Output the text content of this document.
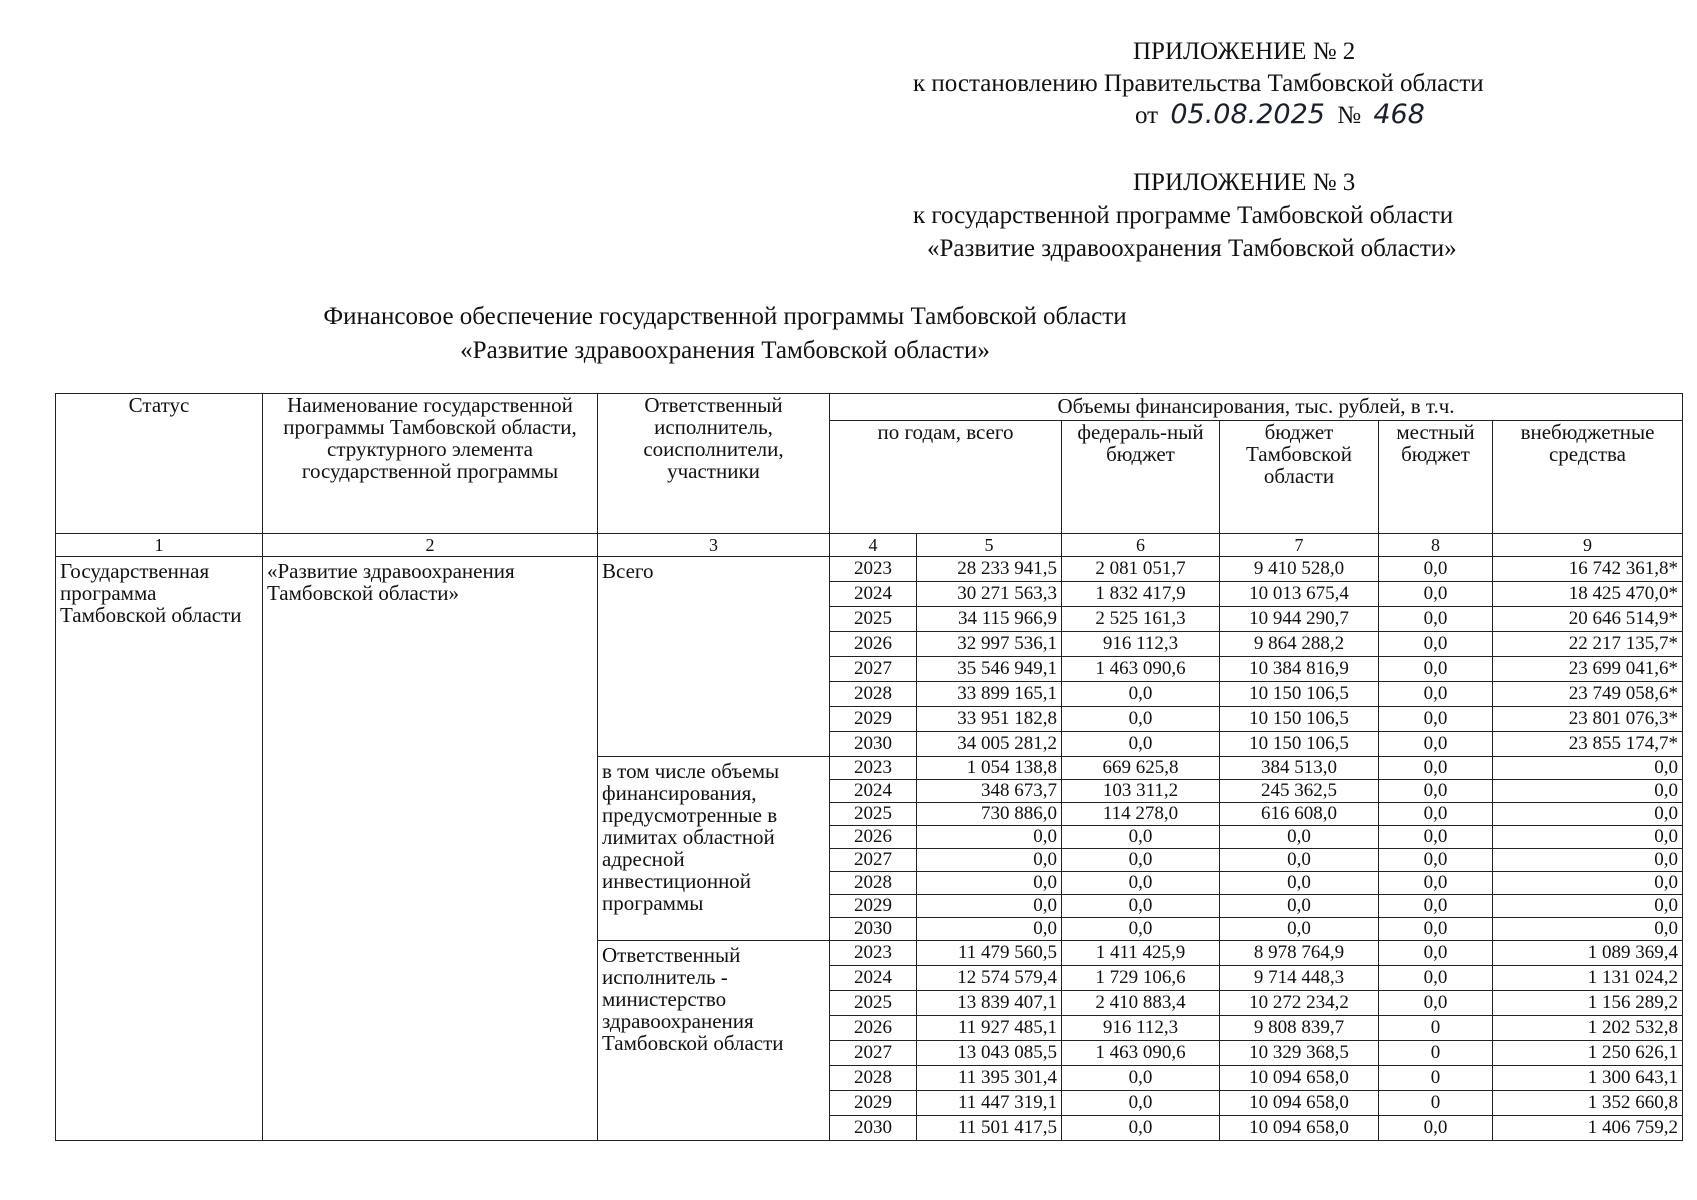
ПРИЛОЖЕНИЕ № 2
к постановлению Правительства Тамбовской области
от 05.08.2025 № 468
ПРИЛОЖЕНИЕ № 3
к государственной программе Тамбовской области
«Развитие здравоохранения Тамбовской области»
Финансовое обеспечение государственной программы Тамбовской области
«Развитие здравоохранения Тамбовской области»
Статус	Наименование государственной программы Тамбовской области, структурного элемента государственной программы	Ответственный исполнитель, соисполнители, участники	Объемы финансирования, тыс. рублей, в т.ч.					
			по годам, всего		федераль-ный бюджет	бюджет Тамбовской области	местный бюджет	внебюджетные средства
1	2	3	4	5	6	7	8	9
Государственная программа Тамбовской области	«Развитие здравоохранения Тамбовской области»	Всего	2023	28 233 941,5	2 081 051,7	9 410 528,0	0,0	16 742 361,8*
			2024	30 271 563,3	1 832 417,9	10 013 675,4	0,0	18 425 470,0*
			2025	34 115 966,9	2 525 161,3	10 944 290,7	0,0	20 646 514,9*
			2026	32 997 536,1	916 112,3	9 864 288,2	0,0	22 217 135,7*
			2027	35 546 949,1	1 463 090,6	10 384 816,9	0,0	23 699 041,6*
			2028	33 899 165,1	0,0	10 150 106,5	0,0	23 749 058,6*
			2029	33 951 182,8	0,0	10 150 106,5	0,0	23 801 076,3*
			2030	34 005 281,2	0,0	10 150 106,5	0,0	23 855 174,7*
		в том числе объемы финансирования, предусмотренные в лимитах областной адресной инвестиционной программы	2023	1 054 138,8	669 625,8	384 513,0	0,0	0,0
			2024	348 673,7	103 311,2	245 362,5	0,0	0,0
			2025	730 886,0	114 278,0	616 608,0	0,0	0,0
			2026	0,0	0,0	0,0	0,0	0,0
			2027	0,0	0,0	0,0	0,0	0,0
			2028	0,0	0,0	0,0	0,0	0,0
			2029	0,0	0,0	0,0	0,0	0,0
			2030	0,0	0,0	0,0	0,0	0,0
		Ответственный исполнитель - министерство здравоохранения Тамбовской области	2023	11 479 560,5	1 411 425,9	8 978 764,9	0,0	1 089 369,4
			2024	12 574 579,4	1 729 106,6	9 714 448,3	0,0	1 131 024,2
			2025	13 839 407,1	2 410 883,4	10 272 234,2	0,0	1 156 289,2
			2026	11 927 485,1	916 112,3	9 808 839,7	0	1 202 532,8
			2027	13 043 085,5	1 463 090,6	10 329 368,5	0	1 250 626,1
			2028	11 395 301,4	0,0	10 094 658,0	0	1 300 643,1
			2029	11 447 319,1	0,0	10 094 658,0	0	1 352 660,8
			2030	11 501 417,5	0,0	10 094 658,0	0,0	1 406 759,2
